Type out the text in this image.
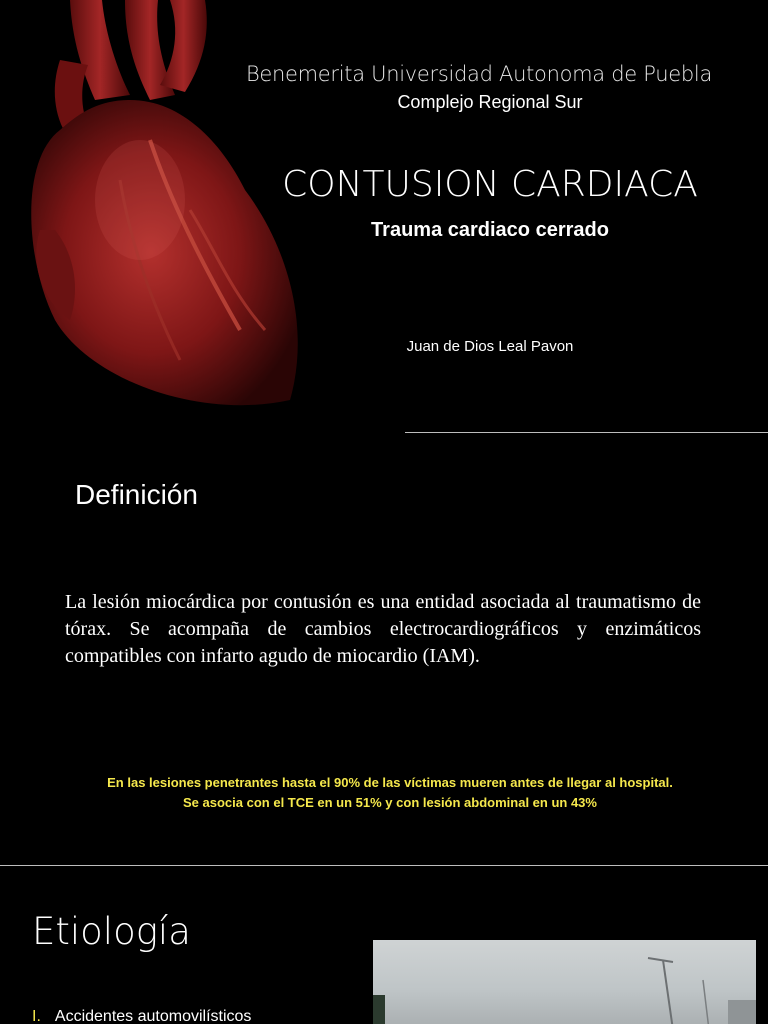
Benemerita Universidad Autonoma de Puebla
Complejo Regional Sur
CONTUSION CARDIACA
Trauma cardiaco cerrado
Juan de Dios Leal Pavon
Definición
La lesión miocárdica por contusión es una entidad asociada al traumatismo de tórax. Se acompaña de cambios electrocardiográficos y enzimáticos compatibles con infarto agudo de miocardio (IAM).
En las lesiones penetrantes hasta el 90% de las víctimas mueren antes de llegar al hospital.
Se asocia con el TCE en un 51% y con lesión abdominal en un 43%
Etiología
I. Accidentes automovilísticos
